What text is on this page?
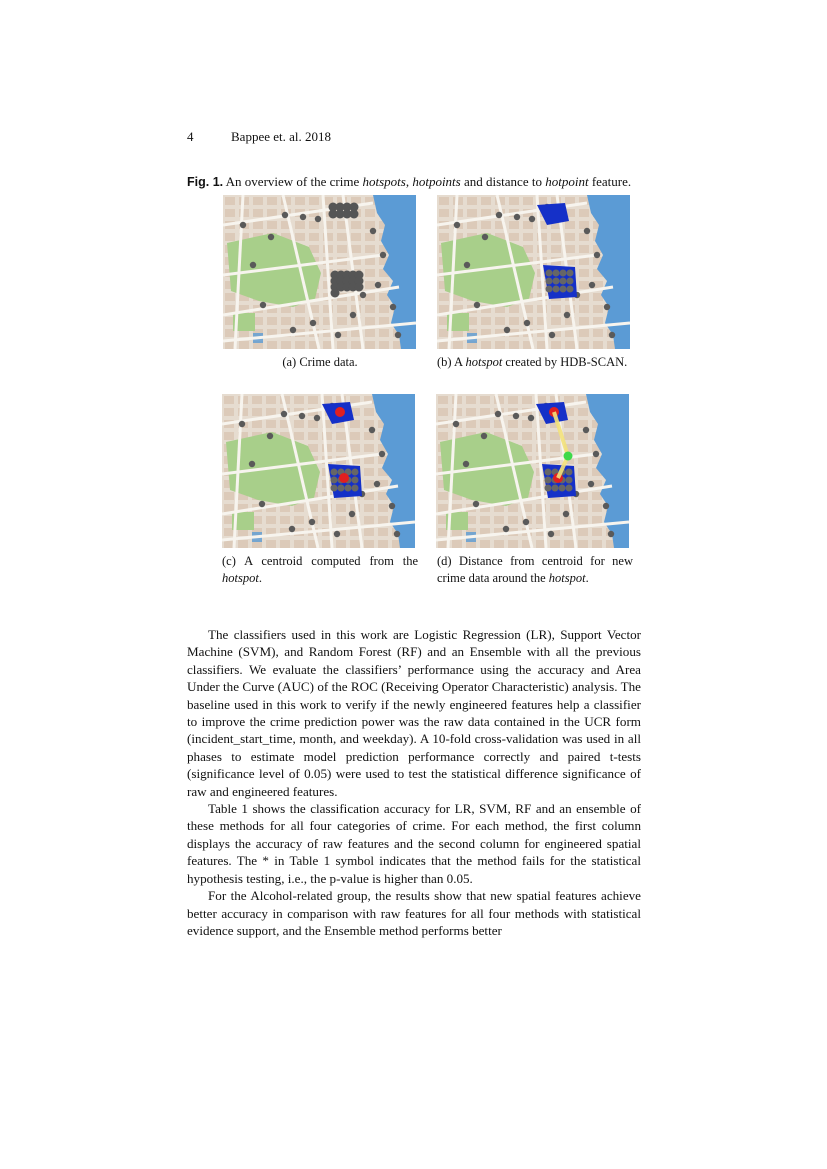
4	Bappee et. al. 2018
Fig. 1. An overview of the crime hotspots, hotpoints and distance to hotpoint feature.
(a) Crime data.	(b) A hotspot created by HDB-SCAN.
(c) A centroid computed from the hotspot.
(d) Distance from centroid for new crime data around the hotspot.

The classifiers used in this work are Logistic Regression (LR), Support Vector Machine (SVM), and Random Forest (RF) and an Ensemble with all the previous classifiers. We evaluate the classifiers’ performance using the accuracy and Area Under the Curve (AUC) of the ROC (Receiving Operator Characteristic) analysis. The baseline used in this work to verify if the newly engineered features help a classifier to improve the crime prediction power was the raw data contained in the UCR form (incident_start_time, month, and weekday). A 10-fold cross-validation was used in all phases to estimate model prediction performance correctly and paired t-tests (significance level of 0.05) were used to test the statistical difference significance of raw and engineered features.

Table 1 shows the classification accuracy for LR, SVM, RF and an ensemble of these methods for all four categories of crime. For each method, the first column displays the accuracy of raw features and the second column for engineered spatial features. The * in Table 1 symbol indicates that the method fails for the statistical hypothesis testing, i.e., the p-value is higher than 0.05.

For the Alcohol-related group, the results show that new spatial features achieve better accuracy in comparison with raw features for all four methods with statistical evidence support, and the Ensemble method performs better
